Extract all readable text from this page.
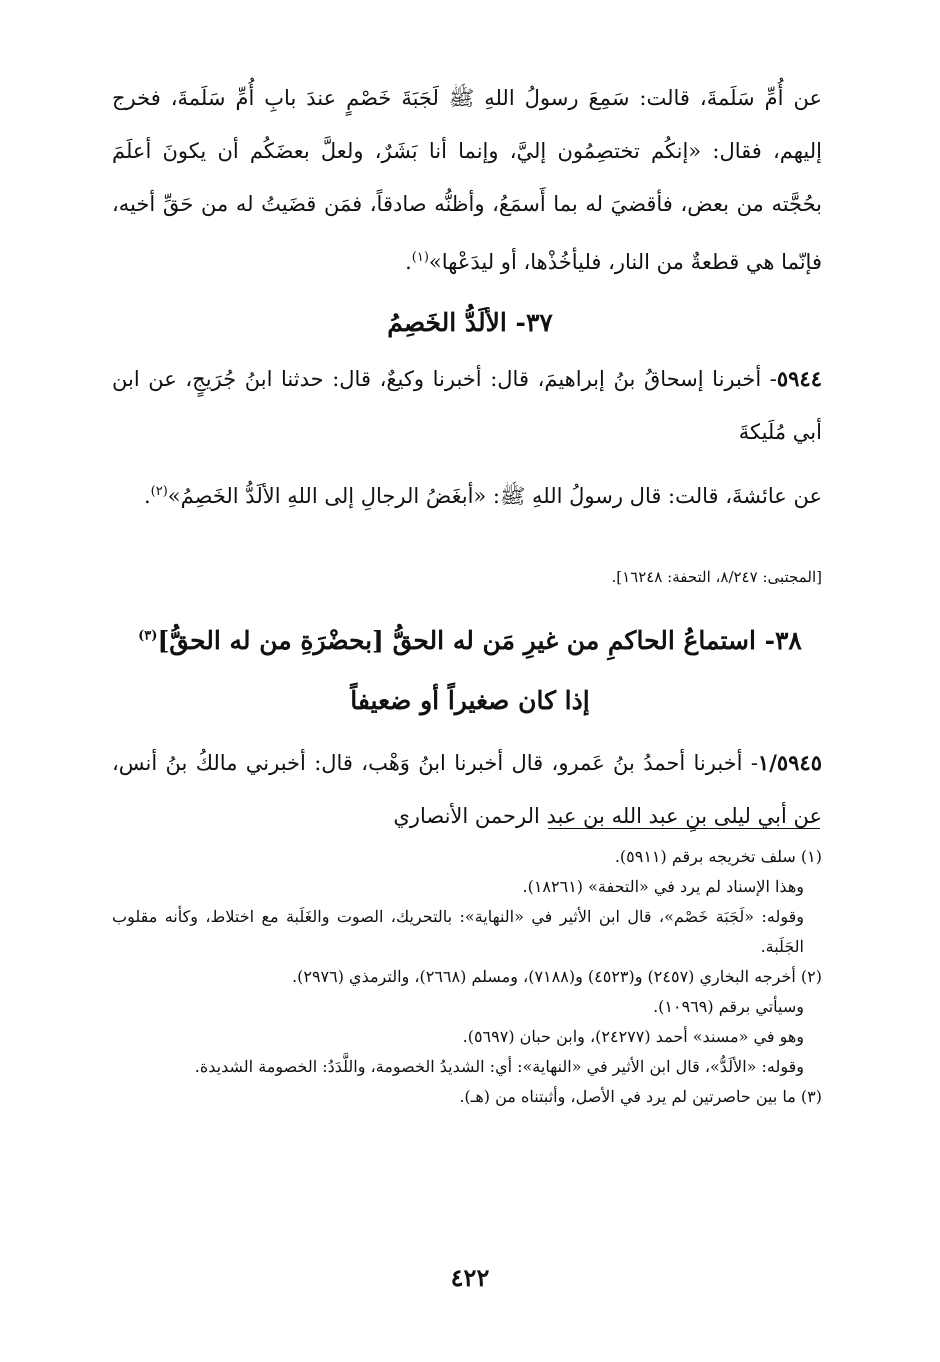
عن أُمِّ سَلَمةَ، قالت: سَمِعَ رسولُ اللهِ ﷺ لَجَبَةَ خَصْمٍ عندَ بابِ أُمِّ سَلَمةَ، فخرج إليهم، فقال: «إنكُم تختصِمُون إليَّ، وإنما أنا بَشَرٌ، ولعلَّ بعضَكُم أن يكونَ أعلَمَ بحُجَّته من بعض، فأقضيَ له بما أَسمَعُ، وأظنُّه صادقاً، فمَن قضَيتُ له من حَقِّ أخيه، فإنّما هي قطعةٌ من النار، فليأخُذْها، أو ليدَعْها»$^{(١)}$.

٣٧- الألَدُّ الخَصِمُ

٥٩٤٤- أخبرنا إسحاقُ بنُ إبراهيمَ، قال: أخبرنا وكيعٌ، قال: حدثنا ابنُ جُرَيجٍ، عن ابن أبي مُلَيكةَ

عن عائشةَ، قالت: قال رسولُ اللهِ ﷺ: «أبغَضُ الرجالِ إلى اللهِ الألَدُّ الخَصِمُ»$^{(٢)}$.

[المجتبى: ٨/٢٤٧، التحفة: ١٦٢٤٨].
٣٨- استماعُ الحاكمِ من غيرِ مَن له الحقُّ [بحضْرَةِ من له الحقُّ]$^{(٣)}$
إذا كان صغيراً أو ضعيفاً

١/٥٩٤٥- أخبرنا أحمدُ بنُ عَمرو، قال أخبرنا ابنُ وَهْب، قال: أخبرني مالكُ بنُ أنس، عن أبي ليلى بنِ عبد الله بن عبد الرحمن الأنصاري

(١) سلف تخريجه برقم (٥٩١١).

وهذا الإسناد لم يرد في «التحفة» (١٨٢٦١).

وقوله: «لَجَبَة خَصْم»، قال ابن الأثير في «النهاية»: بالتحريك، الصوت والغَلَبة مع اختلاط، وكأنه مقلوب الجَلَبة.

(٢) أخرجه البخاري (٢٤٥٧) و(٤٥٢٣) و(٧١٨٨)، ومسلم (٢٦٦٨)، والترمذي (٢٩٧٦).

وسيأتي برقم (١٠٩٦٩).

وهو في «مسند» أحمد (٢٤٢٧٧)، وابن حبان (٥٦٩٧).

وقوله: «الألَدُّ»، قال ابن الأثير في «النهاية»: أي: الشديدُ الخصومة، واللَّدَدُ: الخصومة الشديدة.

(٣) ما بين حاصرتين لم يرد في الأصل، وأثبتناه من (هـ).

٤٢٢
